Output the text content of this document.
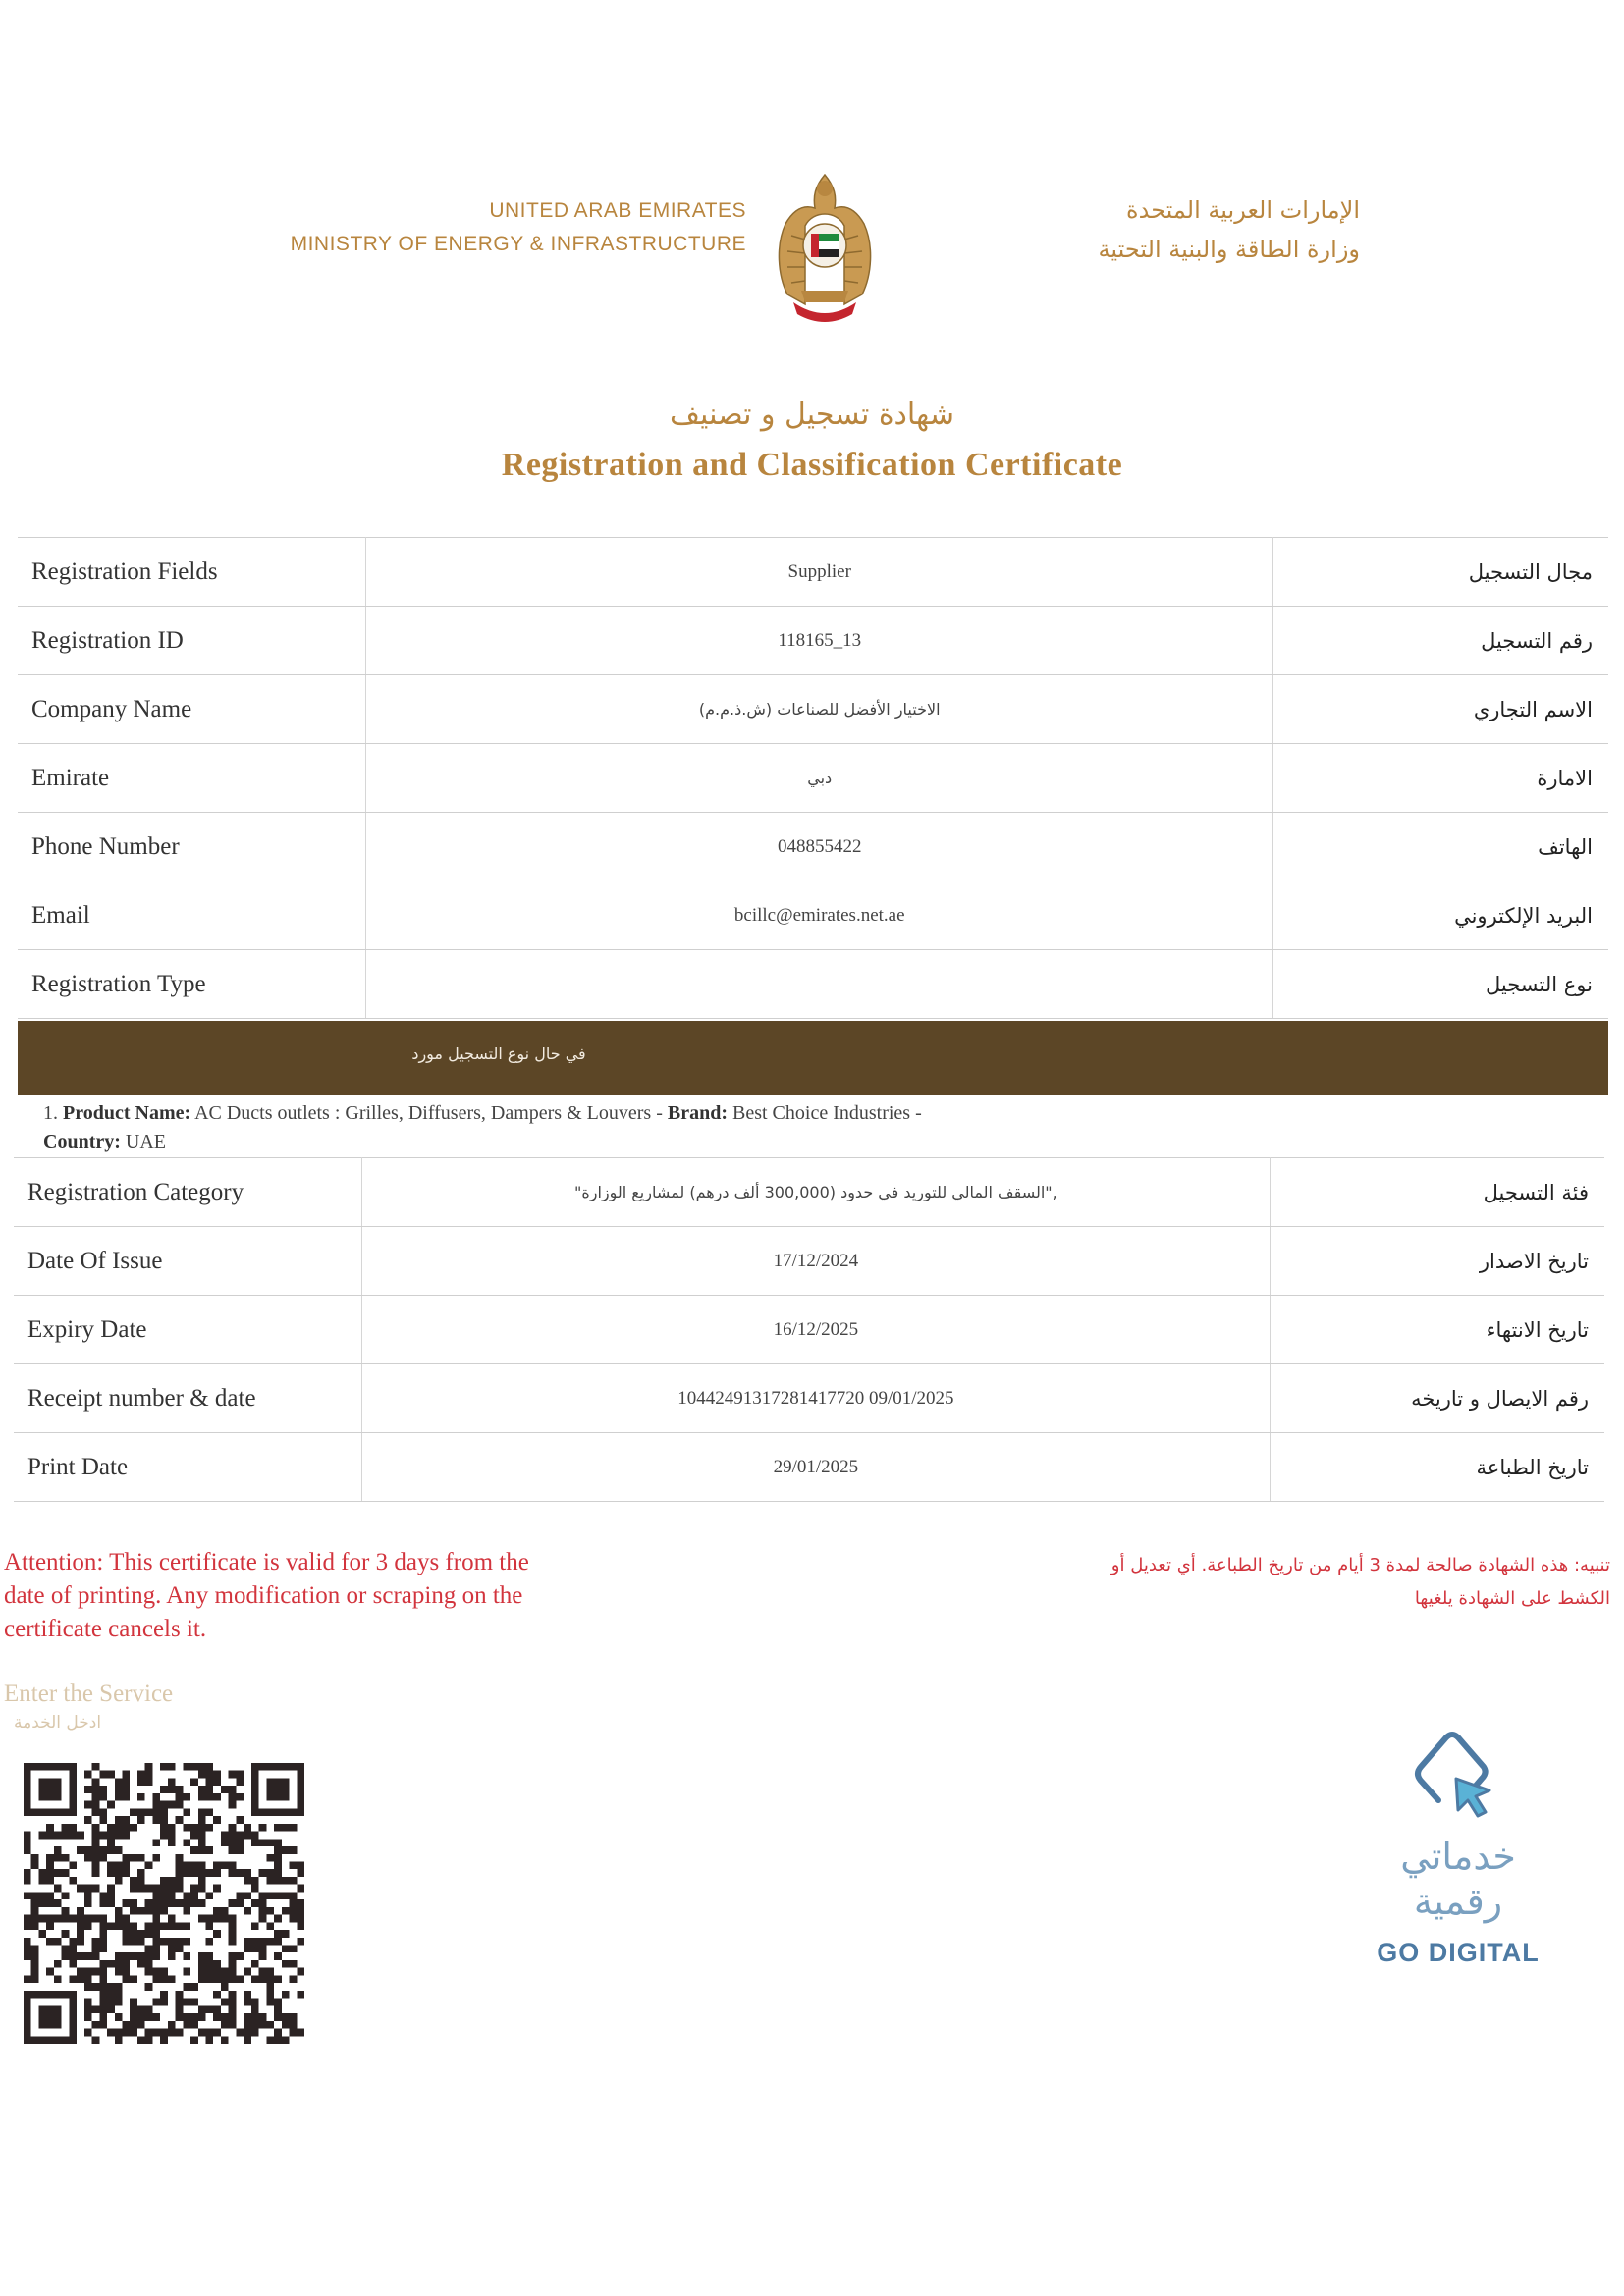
UNITED ARAB EMIRATES
MINISTRY OF ENERGY & INFRASTRUCTURE
الإمارات العربية المتحدة
وزارة الطاقة والبنية التحتية
شهادة تسجيل و تصنيف
Registration and Classification Certificate
Registration Fields	Supplier	مجال التسجيل
Registration ID	118165_13	رقم التسجيل
Company Name	(الاختيار الأفضل للصناعات (ش.ذ.م.م	الاسم التجاري
Emirate	دبي	الامارة
Phone Number	048855422	الهاتف
Email	bcillc@emirates.net.ae	البريد الإلكتروني
Registration Type		نوع التسجيل
في حال نوع التسجيل مورد
1. Product Name: AC Ducts outlets : Grilles, Diffusers, Dampers & Louvers - Brand: Best Choice Industries - Country: UAE
Registration Category	"السقف المالي للتوريد في حدود (300,000 ألف درهم) لمشاريع الوزارة",	فئة التسجيل
Date Of Issue	17/12/2024	تاريخ الاصدار
Expiry Date	16/12/2025	تاريخ الانتهاء
Receipt number & date	10442491317281417720 09/01/2025	رقم الايصال و تاريخه
Print Date	29/01/2025	تاريخ الطباعة
Attention: This certificate is valid for 3 days from the
date of printing. Any modification or scraping on the
certificate cancels it.
تنبيه: هذه الشهادة صالحة لمدة 3 أيام من تاريخ الطباعة. أي تعديل أو
الكشط على الشهادة يلغيها
Enter the Service
ادخل الخدمة
خدماتي
رقمية
GO DIGITAL
